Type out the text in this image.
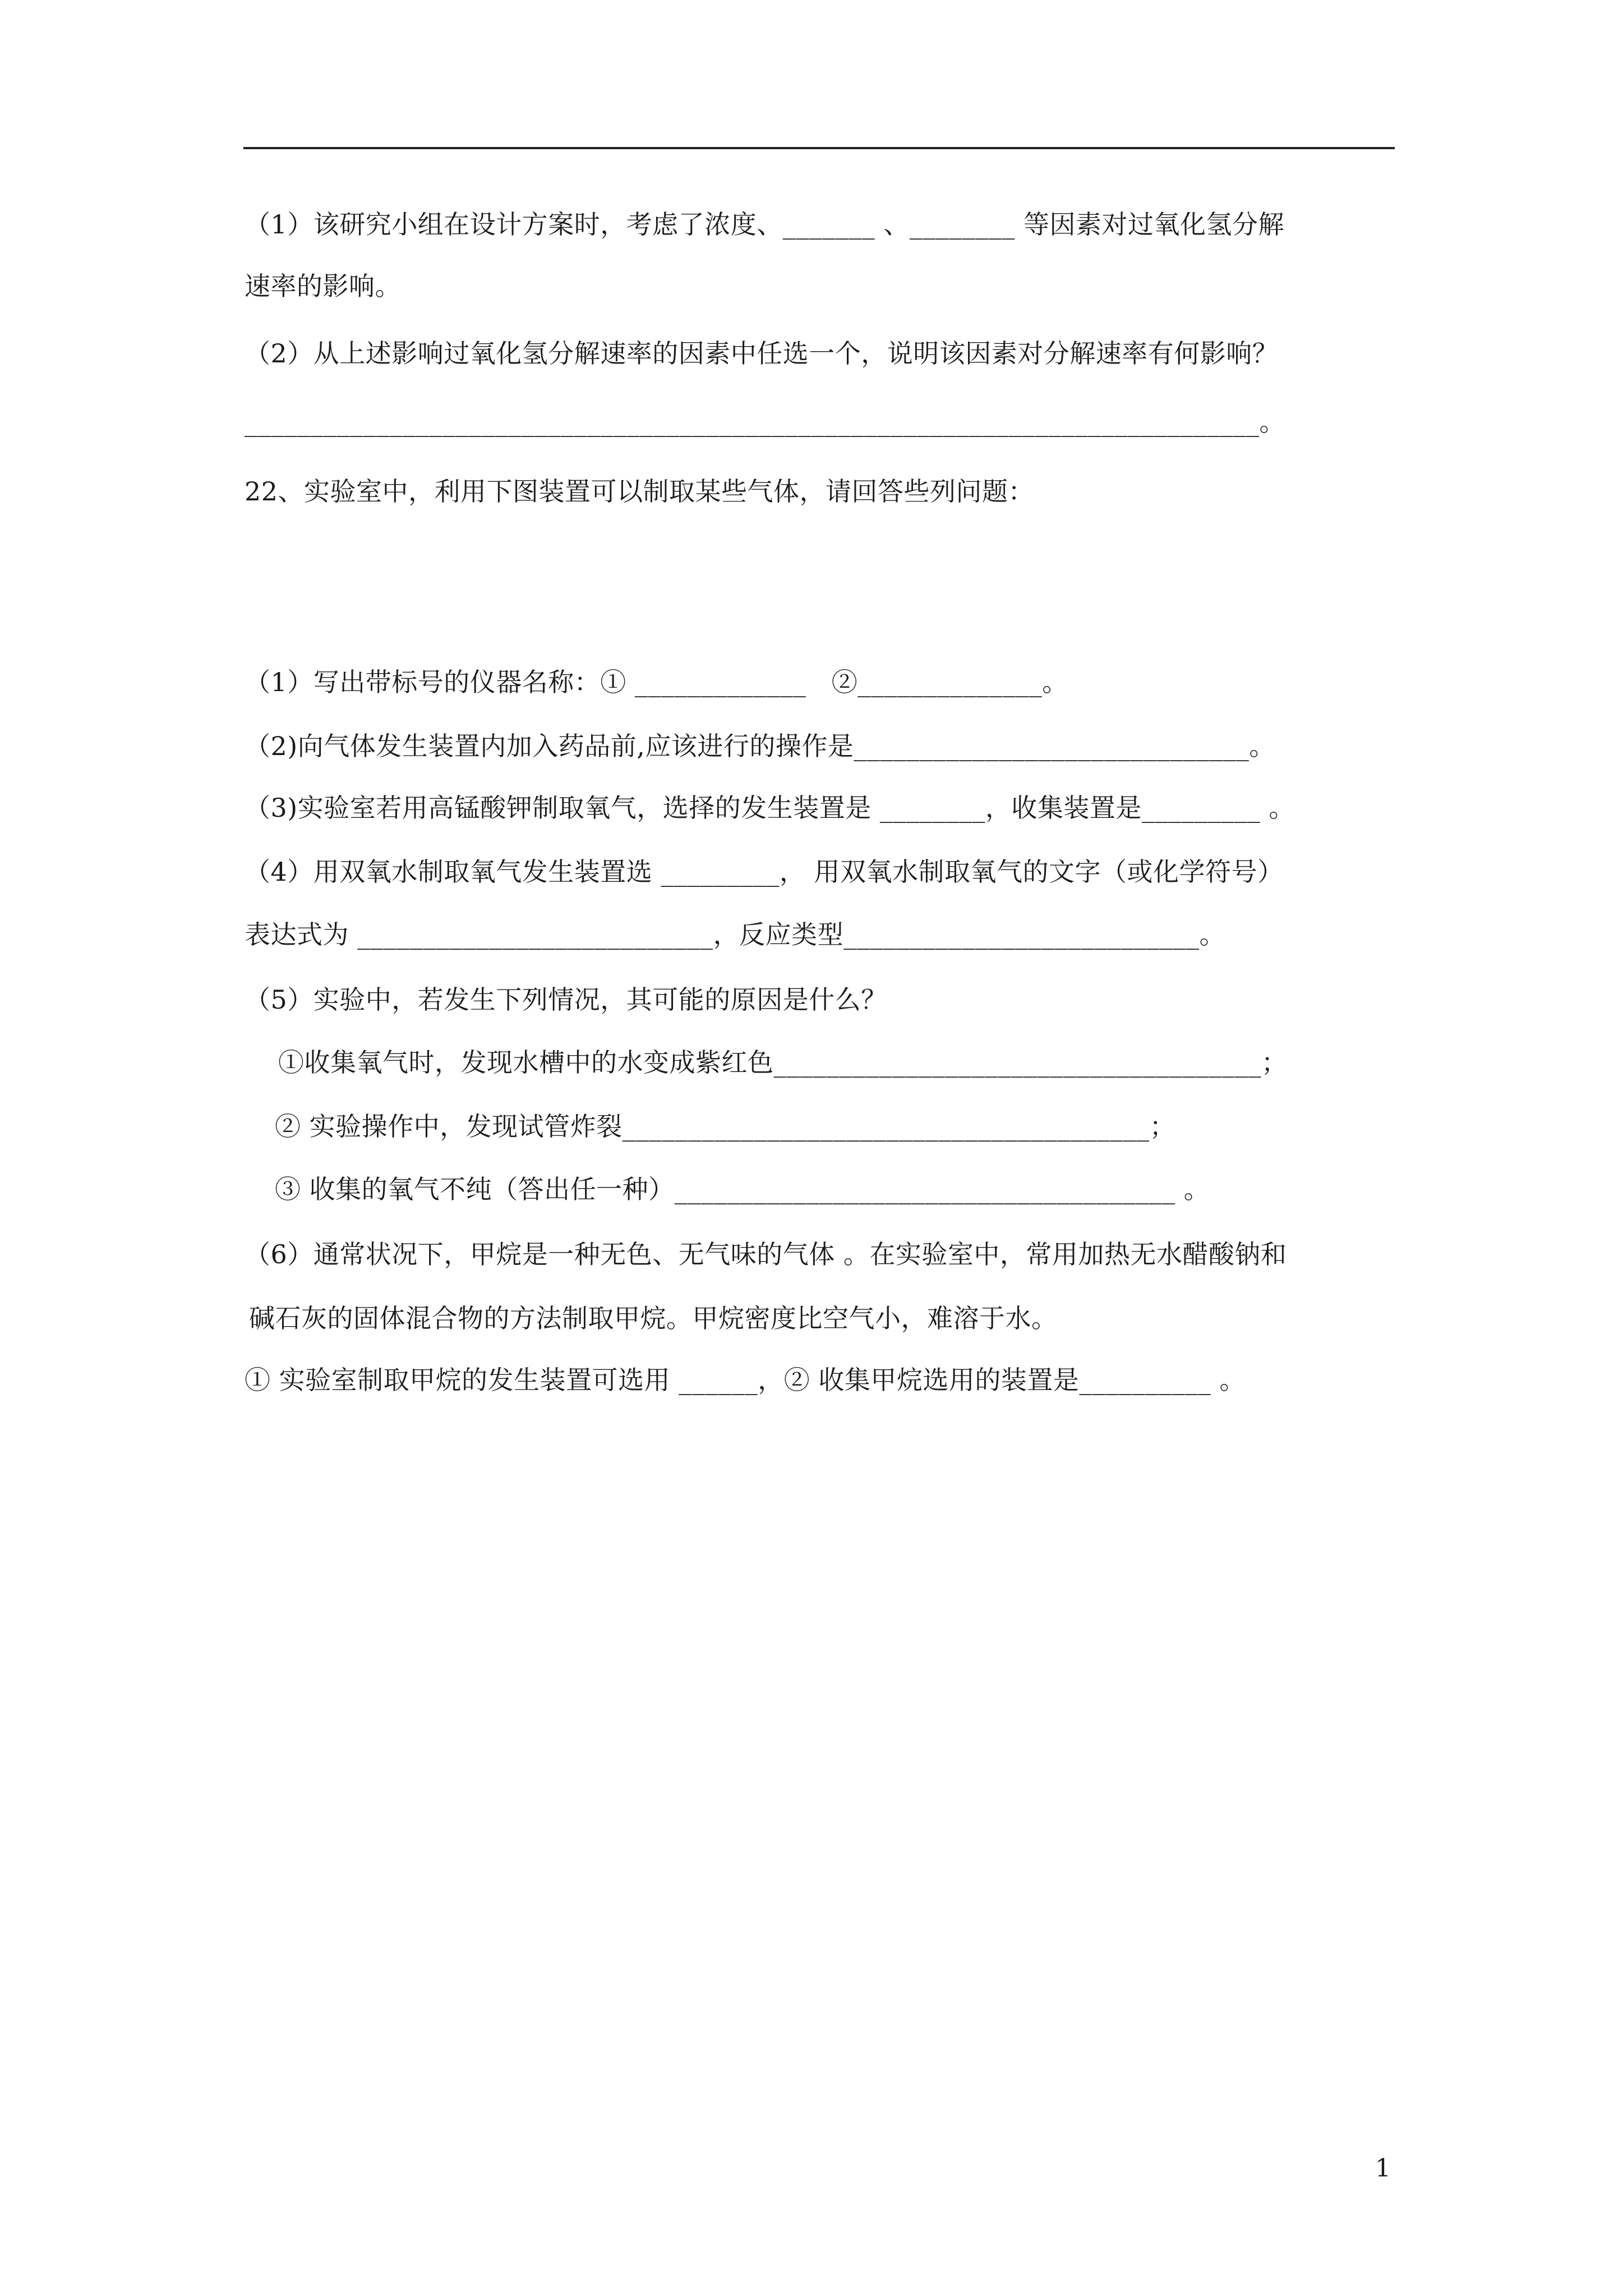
（1）该研究小组在设计方案时，考虑了浓度、_______ 、________ 等因素对过氧化氢分解
速率的影响。
（2）从上述影响过氧化氢分解速率的因素中任选一个，说明该因素对分解速率有何影响？
_____________________________________________________________________________。
22、实验室中，利用下图装置可以制取某些气体，请回答些列问题：
（1）写出带标号的仪器名称：① _____________   ②______________。
（2)向气体发生装置内加入药品前,应该进行的操作是______________________________。
（3)实验室若用高锰酸钾制取氧气，选择的发生装置是 ________，收集装置是_________ 。
（4）用双氧水制取氧气发生装置选 _________， 用双氧水制取氧气的文字（或化学符号）
表达式为 ___________________________，反应类型___________________________。
（5）实验中，若发生下列情况，其可能的原因是什么？
①收集氧气时，发现水槽中的水变成紫红色_____________________________________；
② 实验操作中，发现试管炸裂________________________________________；
③ 收集的氧气不纯（答出任一种）______________________________________ 。
（6）通常状况下，甲烷是一种无色、无气味的气体 。在实验室中，常用加热无水醋酸钠和
碱石灰的固体混合物的方法制取甲烷。甲烷密度比空气小，难溶于水。
① 实验室制取甲烷的发生装置可选用 ______，② 收集甲烷选用的装置是__________ 。
1
